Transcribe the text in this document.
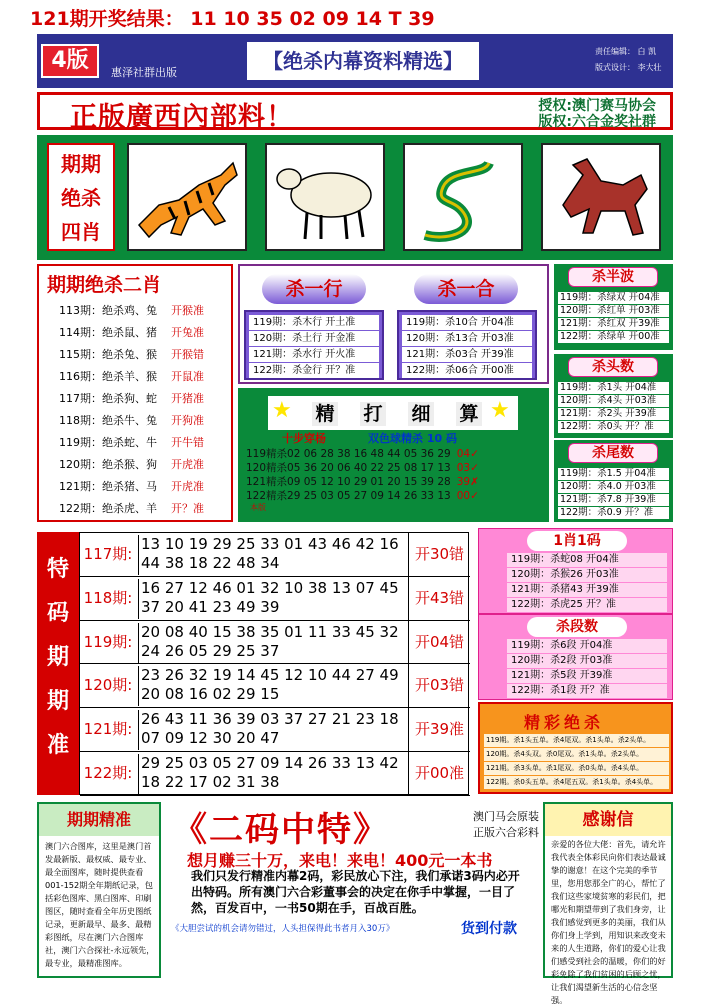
121期开奖结果： 11 10 35 02 09 14 T 39
4版	惠泽社群出版	【绝杀内幕资料精选】	责任编辑： 白 凯
版式设计： 李大壮
正版廣西內部料！	授权:澳门赛马协会
版权:六合金奖社群
期期绝杀四肖
期期绝杀二肖
113期：绝杀鸡、兔 开猴准
114期：绝杀鼠、猪 开兔准
115期：绝杀兔、猴 开猴错
116期：绝杀羊、猴 开鼠准
117期：绝杀狗、蛇 开猪准
118期：绝杀牛、兔 开狗准
119期：绝杀蛇、牛 开牛错
120期：绝杀猴、狗 开虎准
121期：绝杀猪、马 开虎准
122期：绝杀虎、羊 开？准
杀一行	杀一合
119期：杀木行 开土准
120期：杀土行 开金准
121期：杀水行 开火准
122期：杀金行 开？准
119期：杀10合 开04准
120期：杀13合 开03准
121期：杀03合 开39准
122期：杀06合 开00准
★ 精 打 细 算 ★
十步穿杨	双色球精杀 10 码
本版
119精杀02 06 28 38 16 48 44 05 36 29 04✓
120精杀05 36 20 06 40 22 25 08 17 13 03✓
121精杀09 05 12 10 29 01 20 15 39 28 39✗
122精杀29 25 03 05 27 09 14 26 33 13 00✓
杀半波
119期：杀绿双 开04准
120期：杀红单 开03准
121期：杀红双 开39准
122期：杀绿单 开00准
杀头数
119期：杀1头 开04准
120期：杀4头 开03准
121期：杀2头 开39准
122期：杀0头 开？准
杀尾数
119期：杀1.5 开04准
120期：杀4.0 开03准
121期：杀7.8 开39准
122期：杀0.9 开？准
特码期期准
117期:
13 10 19 29 25 33 01 43 46 42 16 44 38 18 22 48 34	开30错
118期:
16 27 12 46 01 32 10 38 13 07 45 37 20 41 23 49 39	开43错
119期:
20 08 40 15 38 35 01 11 33 45 32 24 26 05 29 25 37	开04错
120期:
23 26 32 19 14 45 12 10 44 27 49 20 08 16 02 29 15	开03错
121期:
26 43 11 36 39 03 37 27 21 23 18 07 09 12 30 20 47	开39准
122期:
29 25 03 05 27 09 14 26 33 13 42 18 22 17 02 31 38	开00准
1肖1码
119期：杀蛇08 开04准
120期：杀猴26 开03准
121期：杀猪43 开39准
122期：杀虎25 开？准
杀段数
119期：杀6段 开04准
120期：杀2段 开03准
121期：杀5段 开39准
122期：杀1段 开？准
精彩绝杀
119期。杀1头五单。杀4尾双。杀1头单。杀2头单。
120期。杀4头双。杀0尾双。杀1头单。杀2头单。
121期。杀3头单。杀1尾双。杀0头单。杀4头单。
122期。杀0头五单。杀4尾五双。杀1头单。杀4头单。
期期精准
澳门六合图库，这里是澳门首发最新版、最权威、最专业、最全面图库，随时提供查看001-152期全年期纸记录，包括彩色图库、黑白图库、印刷图区，随时查看全年历史图纸记录，更新最早、最多、最精彩图纸，尽在澳门六合图库社，澳门六合探社-永远领先，最专业，最精准图库。
《二码中特》	澳门马会原装
正版六合彩料
想月赚三十万，来电！来电！400元一本书
我们只发行精准内幕2码，彩民放心下注，我们承诺3码内必开出特码。所有澳门六合彩董事会的决定在你手中掌握，一目了然，百发百中，一书50期在手，百战百胜。
《大胆尝试的机会请勿错过，人头担保得此书者月入30万》	货到付款
感谢信
亲爱的各位大佬：首先，请允许我代表全体彩民向你们表达最诚挚的谢意！在这个完美的季节里，您用您那全广的心，帮忙了我们这些家境贫寒的彩民们，把哪光和期望带到了我们身旁，让我们感觉到更多的美丽，我们从你们身上学到，用知识来改变未来的人生道路，你们的爱心让我们感受到社会的温暖，你们的好彩免除了我们贫困的后顾之忧，让我们渴望新生活的心信念坚强。
